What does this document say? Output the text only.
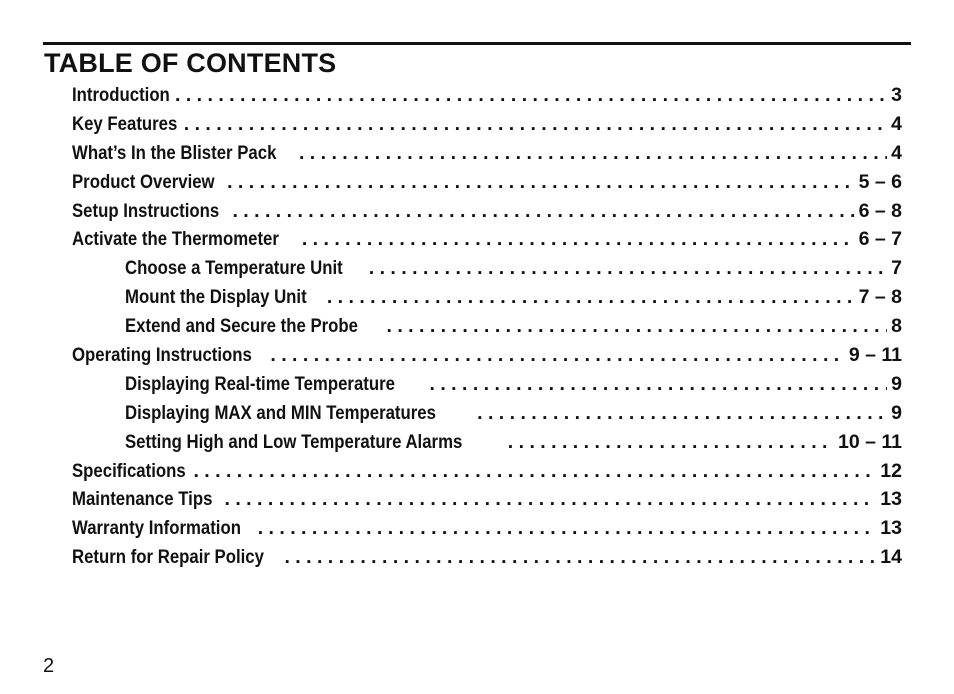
TABLE OF CONTENTS
Introduction . . .	3
Key Features . . .	4
What’s In the Blister Pack . . .	4
Product Overview . . .	5 – 6
Setup Instructions . . .	6 – 8
Activate the Thermometer . . .	6 – 7
Choose a Temperature Unit . . .	7
Mount the Display Unit . . .	7 – 8
Extend and Secure the Probe . . .	8
Operating Instructions . . .	9 – 11
Displaying Real-time Temperature . . .	9
Displaying MAX and MIN Temperatures . . .	9
Setting High and Low Temperature Alarms . . .	10 – 11
Specifications . . .	12
Maintenance Tips . . .	13
Warranty Information . . .	13
Return for Repair Policy . . .	14

2
